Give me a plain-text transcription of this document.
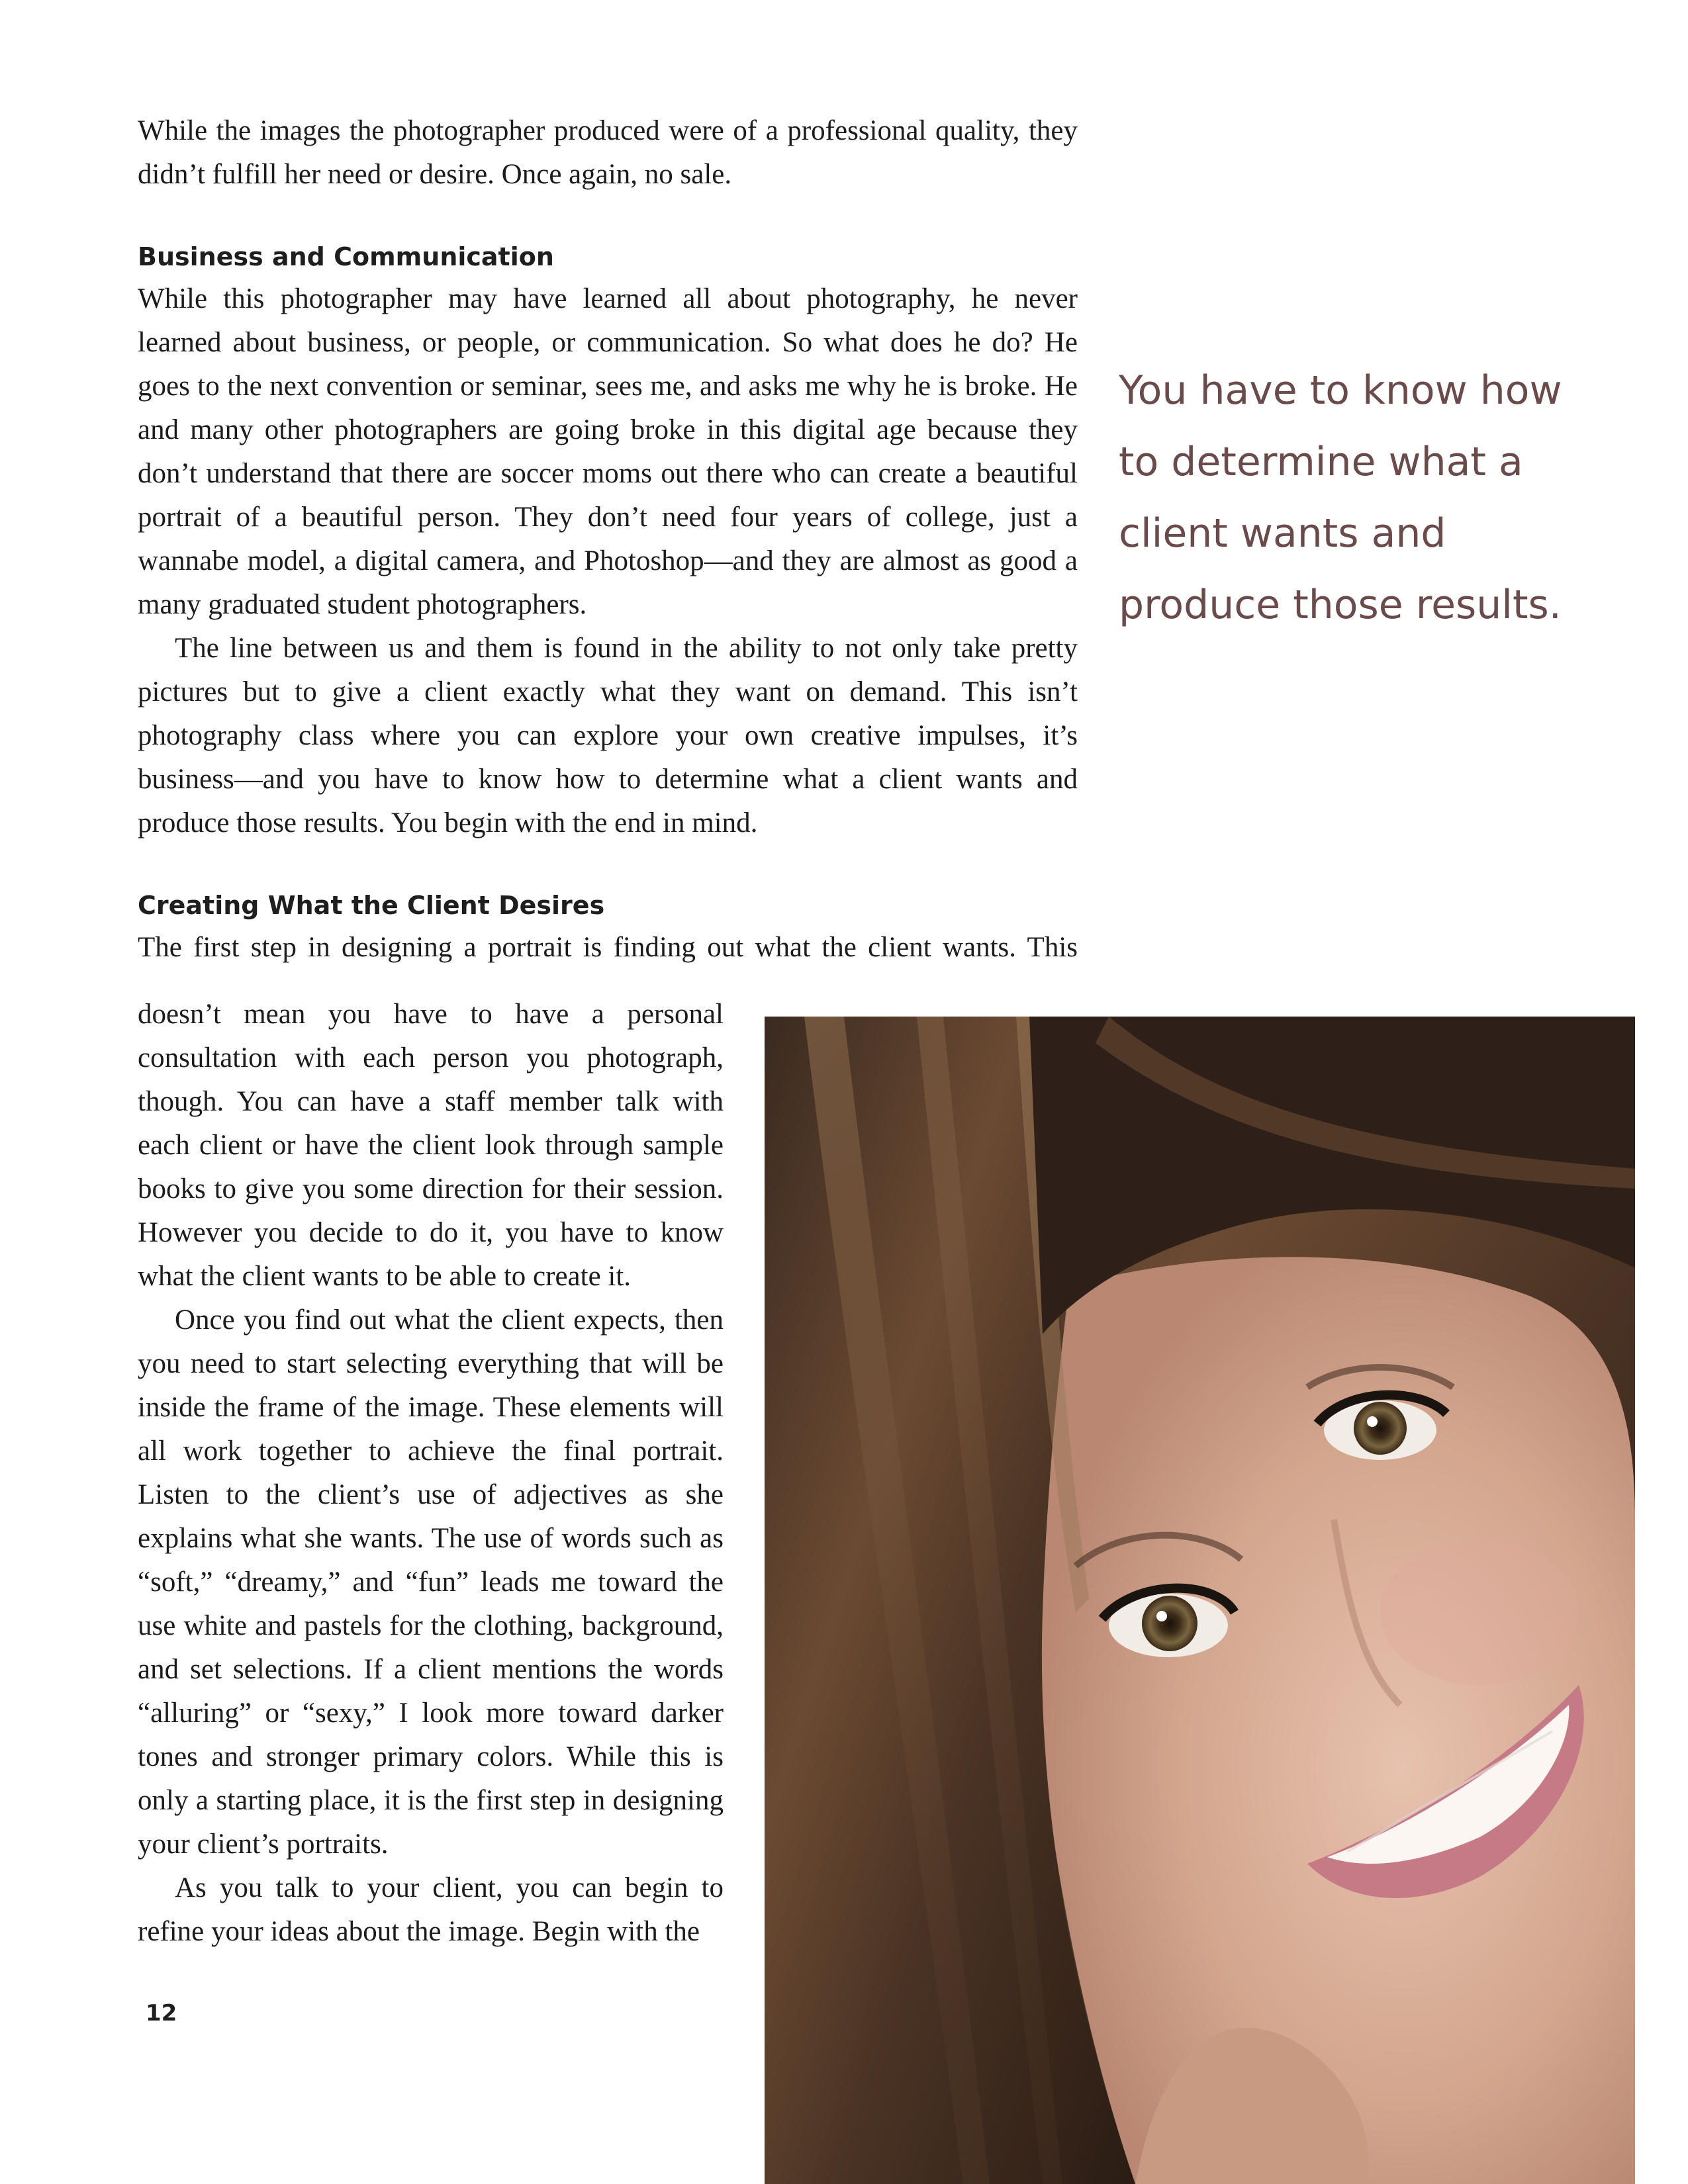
While the images the photographer produced were of a professional quality, they didn’t fulfill her need or desire. Once again, no sale.

Business and Communication

While this photographer may have learned all about photography, he never learned about business, or people, or communication. So what does he do? He goes to the next convention or seminar, sees me, and asks me why he is broke. He and many other photographers are going broke in this digital age because they don’t understand that there are soccer moms out there who can create a beautiful portrait of a beautiful person. They don’t need four years of college, just a wannabe model, a digital camera, and Photoshop—and they are almost as good a many graduated student photographers.

The line between us and them is found in the ability to not only take pretty pictures but to give a client exactly what they want on demand. This isn’t photography class where you can explore your own creative impulses, it’s business—and you have to know how to determine what a client wants and produce those results. You begin with the end in mind.

Creating What the Client Desires

The first step in designing a portrait is finding out what the client wants. This

doesn’t mean you have to have a personal consultation with each person you photograph, though. You can have a staff member talk with each client or have the client look through sample books to give you some direction for their session. However you decide to do it, you have to know what the client wants to be able to create it.

Once you find out what the client expects, then you need to start selecting everything that will be inside the frame of the image. These elements will all work together to achieve the final portrait. Listen to the client’s use of adjectives as she explains what she wants. The use of words such as “soft,” “dreamy,” and “fun” leads me toward the use white and pastels for the clothing, background, and set selections. If a client mentions the words “alluring” or “sexy,” I look more toward darker tones and stronger primary colors. While this is only a starting place, it is the first step in designing your client’s portraits.

As you talk to your client, you can begin to refine your ideas about the image. Begin with the

You have to know how to determine what a client wants and produce those results.

12
